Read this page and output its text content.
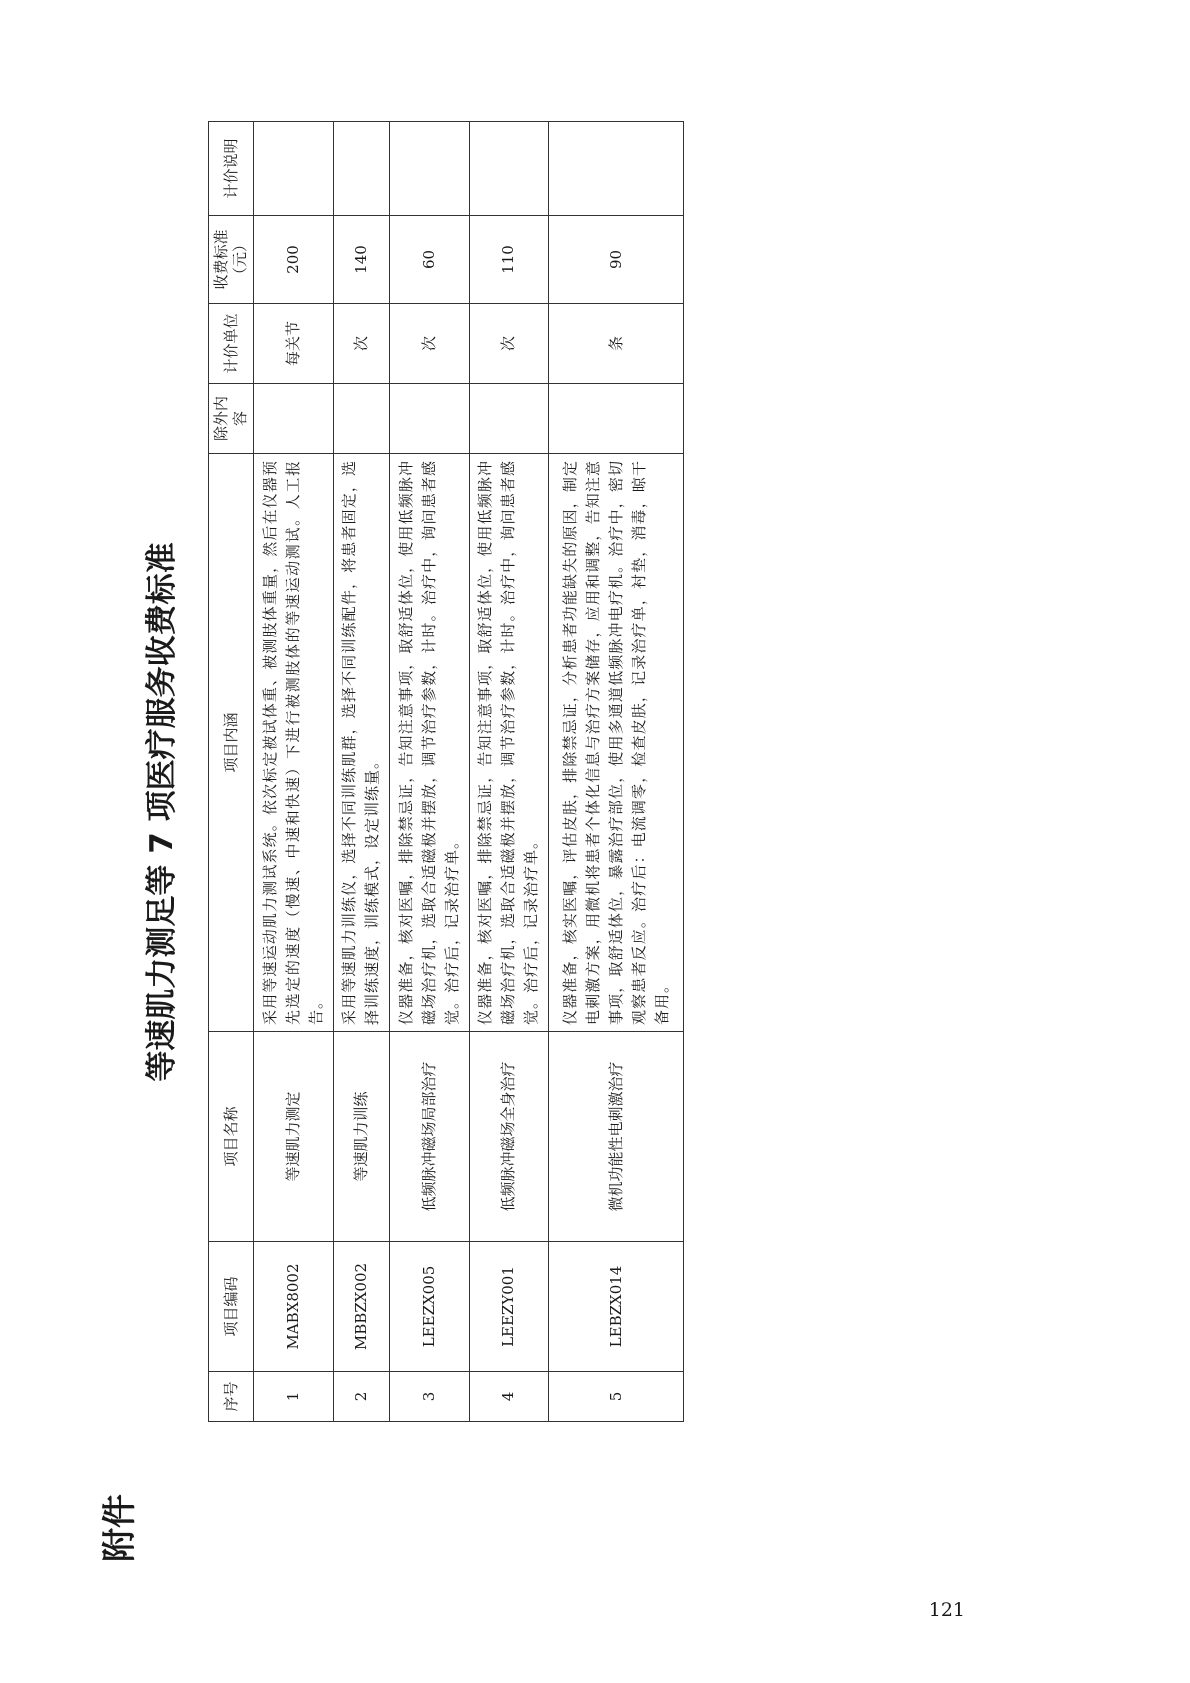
附件
等速肌力测足等 7 项医疗服务收费标准
序号	项目编码	项目名称	项目内涵	除外内容	计价单位	收费标准（元）	计价说明
1	MABX8002	等速肌力测定	采用等速运动肌力测试系统。依次标定被试体重、被测肢体重量，然后在仪器预先选定的速度（慢速、中速和快速）下进行被测肢体的等速运动测试。人工报告。		每关节	200	
2	MBBZX002	等速肌力训练	采用等速肌力训练仪，选择不同训练肌群，选择不同训练配件，将患者固定，选择训练速度，训练模式，设定训练量。		次	140	
3	LEEZX005	低频脉冲磁场局部治疗	仪器准备，核对医嘱，排除禁忌证，告知注意事项，取舒适体位，使用低频脉冲磁场治疗机，选取合适磁极并摆放，调节治疗参数，计时。治疗中，询问患者感觉。治疗后，记录治疗单。		次	60	
4	LEEZY001	低频脉冲磁场全身治疗	仪器准备，核对医嘱，排除禁忌证，告知注意事项，取舒适体位，使用低频脉冲磁场治疗机，选取合适磁极并摆放，调节治疗参数，计时。治疗中，询问患者感觉。治疗后，记录治疗单。		次	110	
5	LEBZX014	微机功能性电刺激治疗	仪器准备，核实医嘱，评估皮肤，排除禁忌证，分析患者功能缺失的原因，制定电刺激方案，用微机将患者个体化信息与治疗方案储存，应用和调整，告知注意事项，取舒适体位，暴露治疗部位，使用多通道低频脉冲电疗机。治疗中，密切观察患者反应。治疗后：电流调零，检查皮肤，记录治疗单，衬垫，消毒，晾干备用。		条	90	
121
